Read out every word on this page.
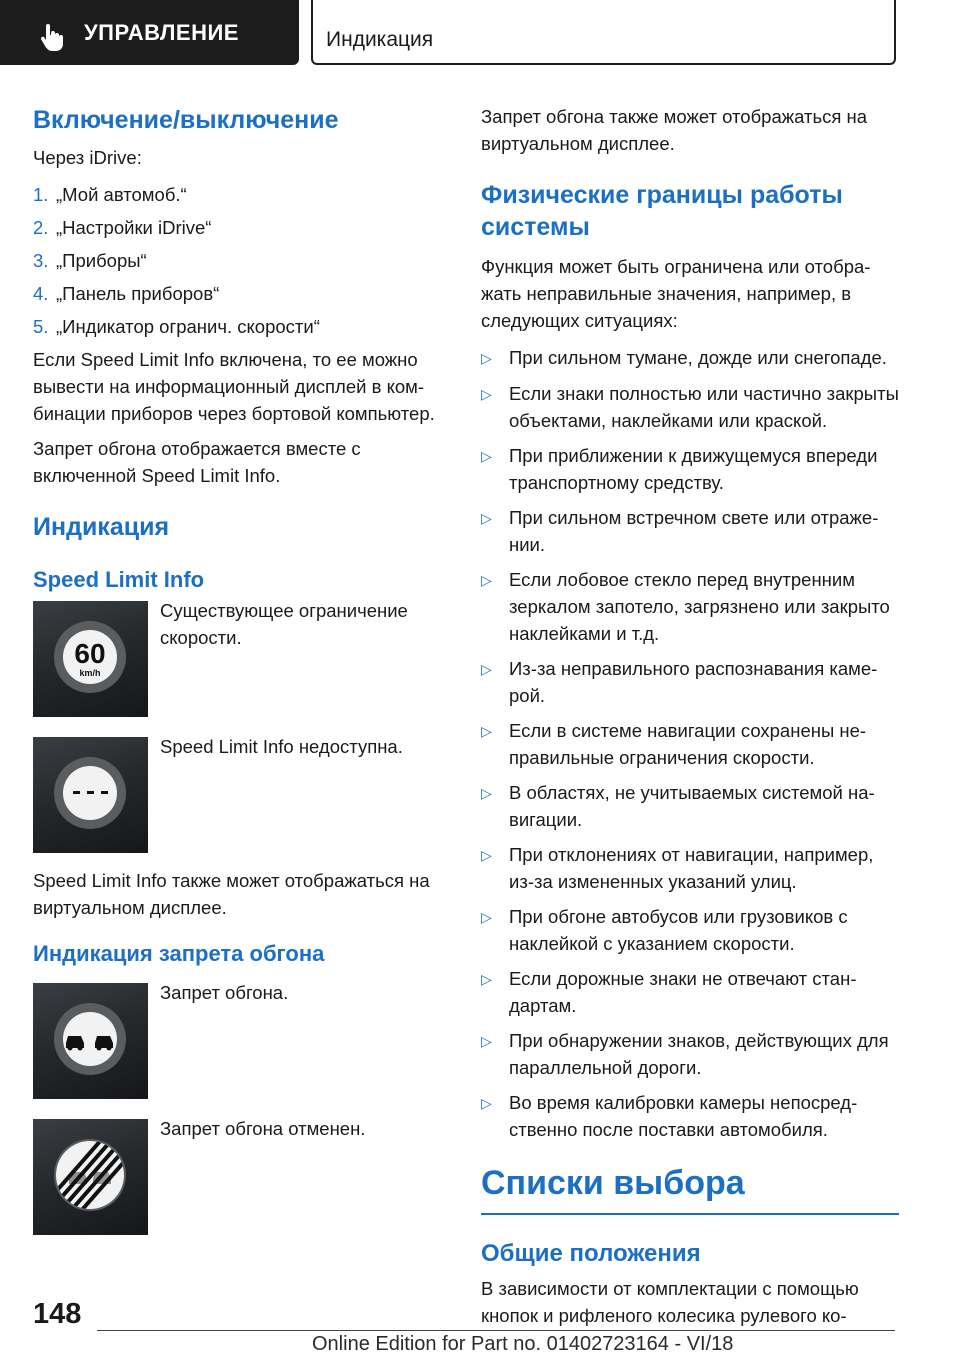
УПРАВЛЕНИЕ	Индикация
Включение/выключение

Через iDrive:

1. „Мой автомоб.“
2. „Настройки iDrive“
3. „Приборы“
4. „Панель приборов“
5. „Индикатор огранич. скорости“

Если Speed Limit Info включена, то ее можно вывести на информационный дисплей в комбинации приборов через бортовой компьютер.

Запрет обгона отображается вместе с включенной Speed Limit Info.

Индикация
Speed Limit Info
60
km/h

Существующее ограничение скорости.

Speed Limit Info недоступна.

Speed Limit Info также может отображаться на виртуальном дисплее.

Индикация запрета обгона

Запрет обгона.

Запрет обгона отменен.

Запрет обгона также может отображаться на виртуальном дисплее.

Физические границы работы системы

Функция может быть ограничена или отображать неправильные значения, например, в следующих ситуациях:

▷ При сильном тумане, дожде или снегопаде.
▷ Если знаки полностью или частично закрыты объектами, наклейками или краской.
▷ При приближении к движущемуся впереди транспортному средству.
▷ При сильном встречном свете или отражении.
▷ Если лобовое стекло перед внутренним зеркалом запотело, загрязнено или закрыто наклейками и т.д.
▷ Из-за неправильного распознавания камерой.
▷ Если в системе навигации сохранены неправильные ограничения скорости.
▷ В областях, не учитываемых системой навигации.
▷ При отклонениях от навигации, например, из-за измененных указаний улиц.
▷ При обгоне автобусов или грузовиков с наклейкой с указанием скорости.
▷ Если дорожные знаки не отвечают стандартам.
▷ При обнаружении знаков, действующих для параллельной дороги.
▷ Во время калибровки камеры непосредственно после поставки автомобиля.
Списки выбора
Общие положения

В зависимости от комплектации с помощью кнопок и рифленого колесика рулевого ко-

148
Online Edition for Part no. 01402723164 - VI/18
